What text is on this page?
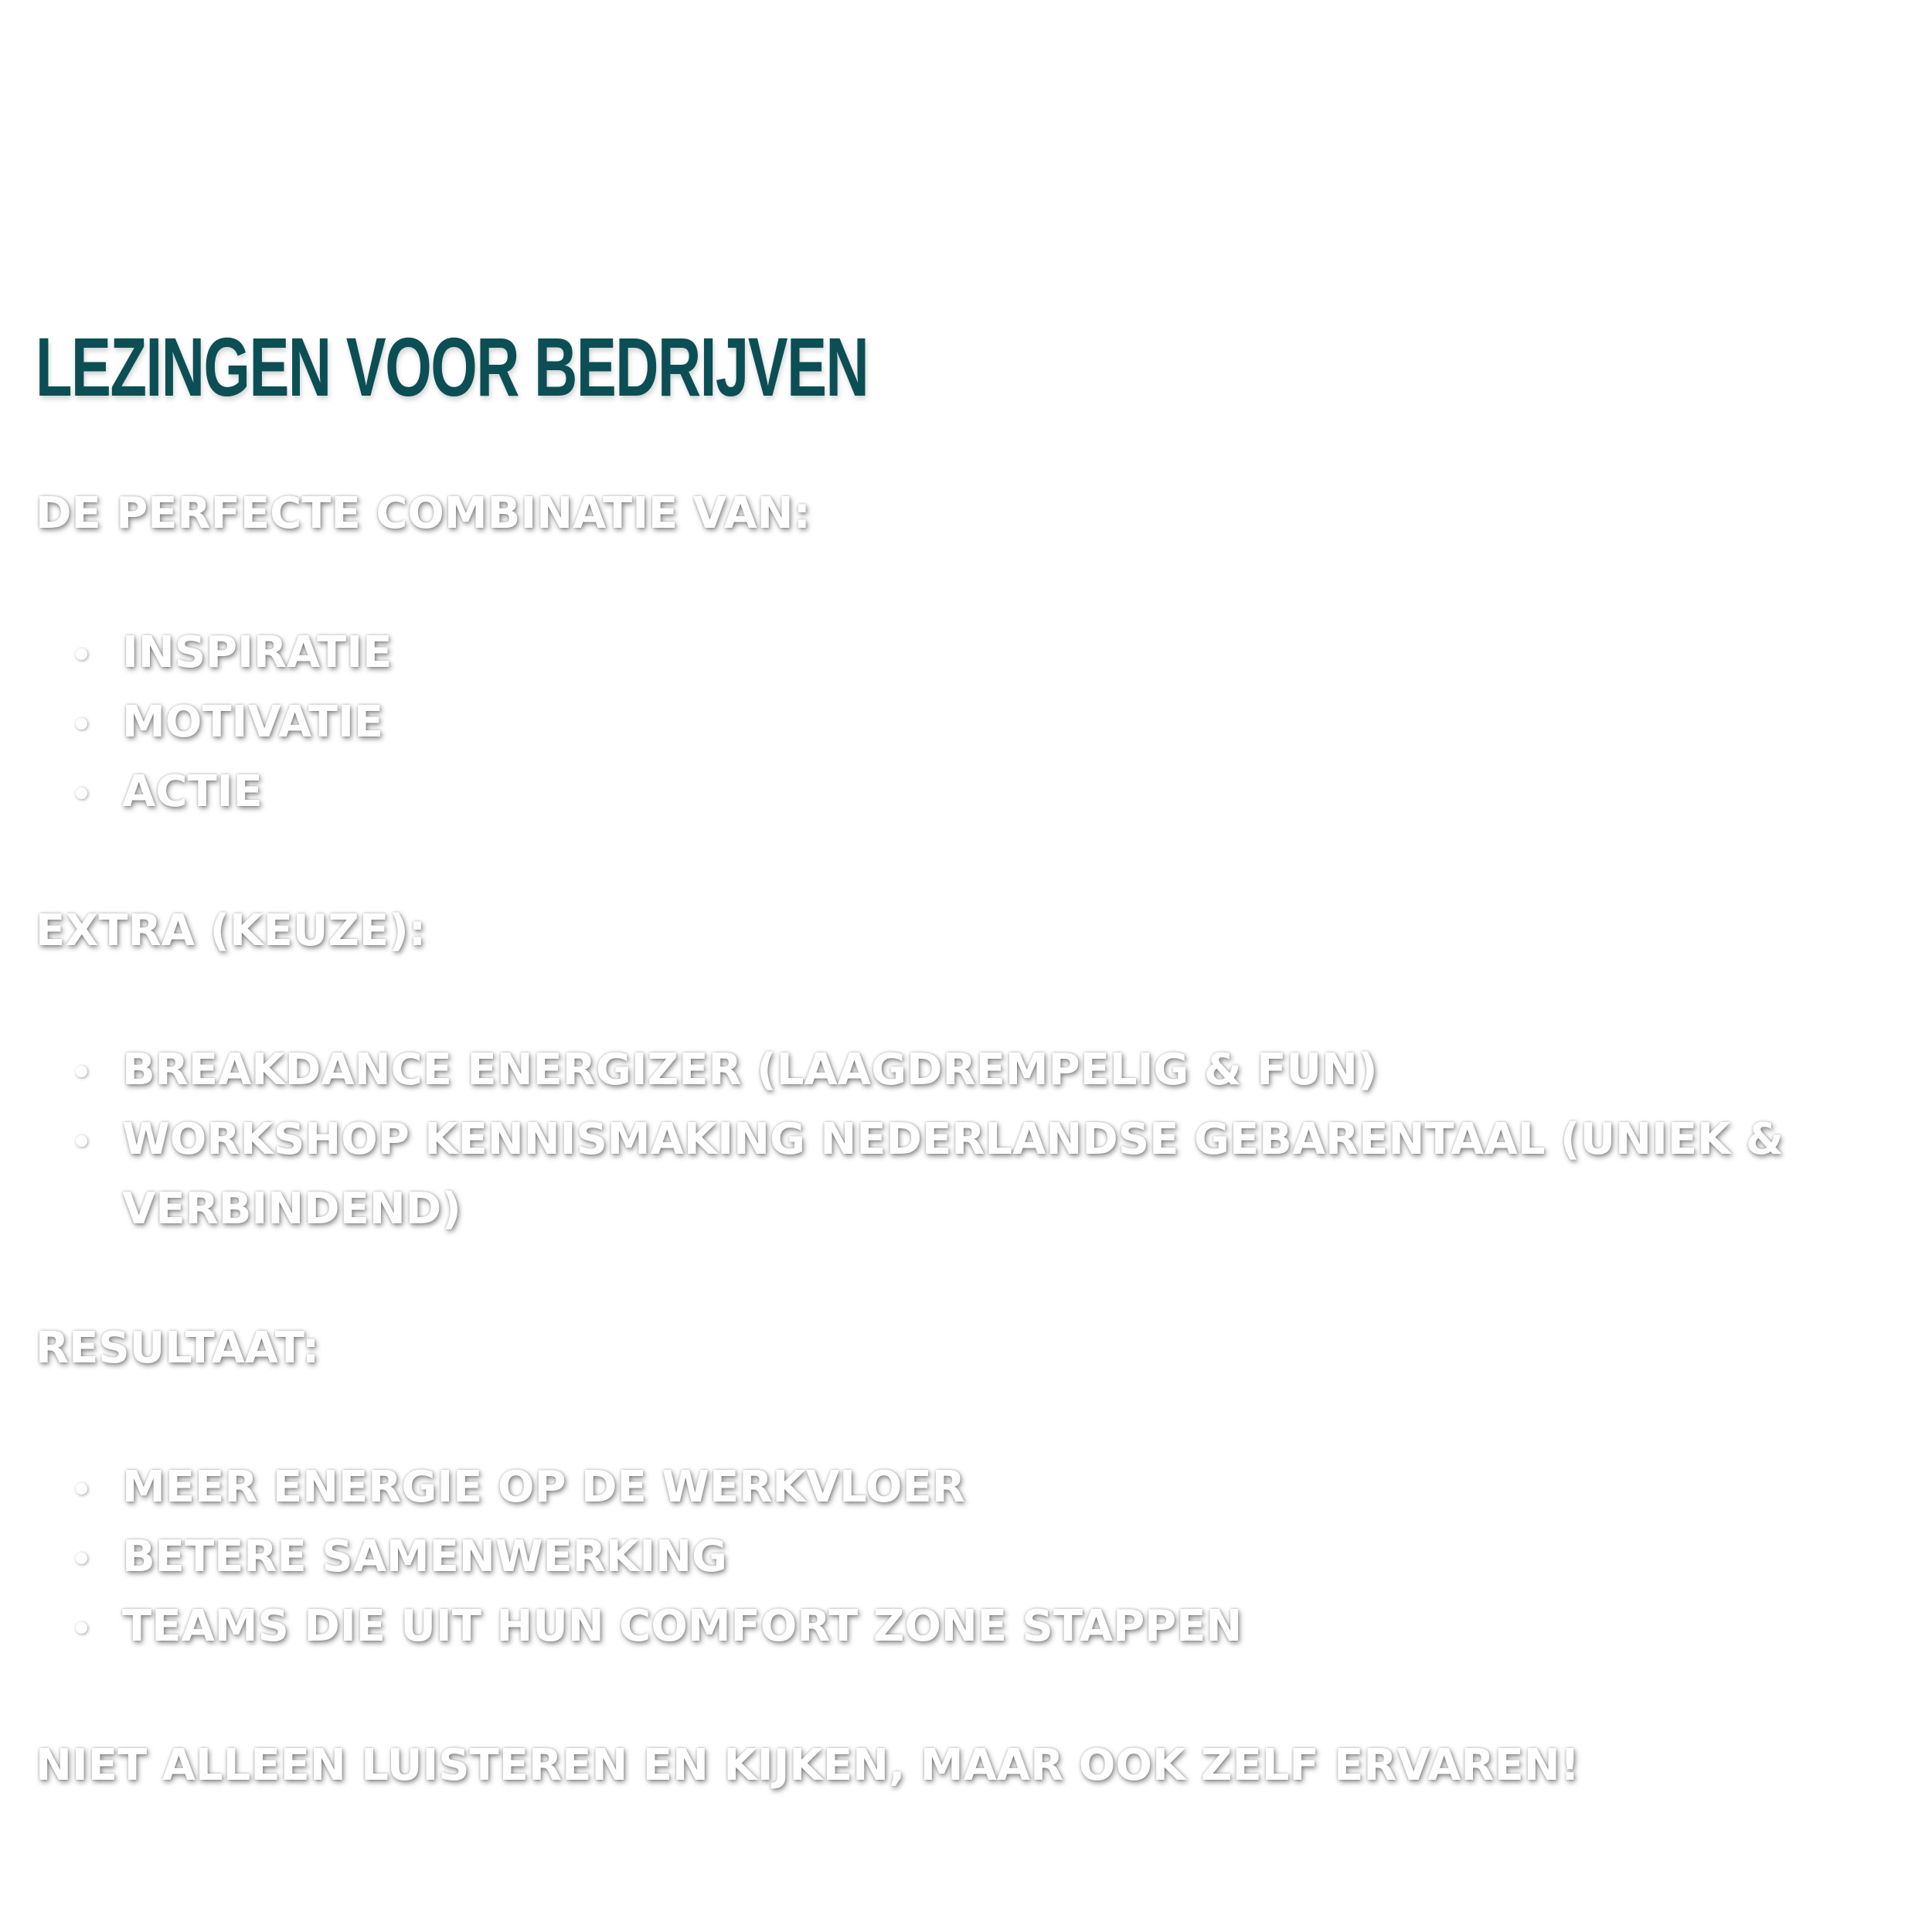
LEZINGEN VOOR BEDRIJVEN

DE PERFECTE COMBINATIE VAN:

INSPIRATIE
MOTIVATIE
ACTIE

EXTRA (KEUZE):

BREAKDANCE ENERGIZER (LAAGDREMPELIG & FUN)
WORKSHOP KENNISMAKING NEDERLANDSE GEBARENTAAL (UNIEK & VERBINDEND)

RESULTAAT:

MEER ENERGIE OP DE WERKVLOER
BETERE SAMENWERKING
TEAMS DIE UIT HUN COMFORT ZONE STAPPEN

NIET ALLEEN LUISTEREN EN KIJKEN, MAAR OOK ZELF ERVAREN!
